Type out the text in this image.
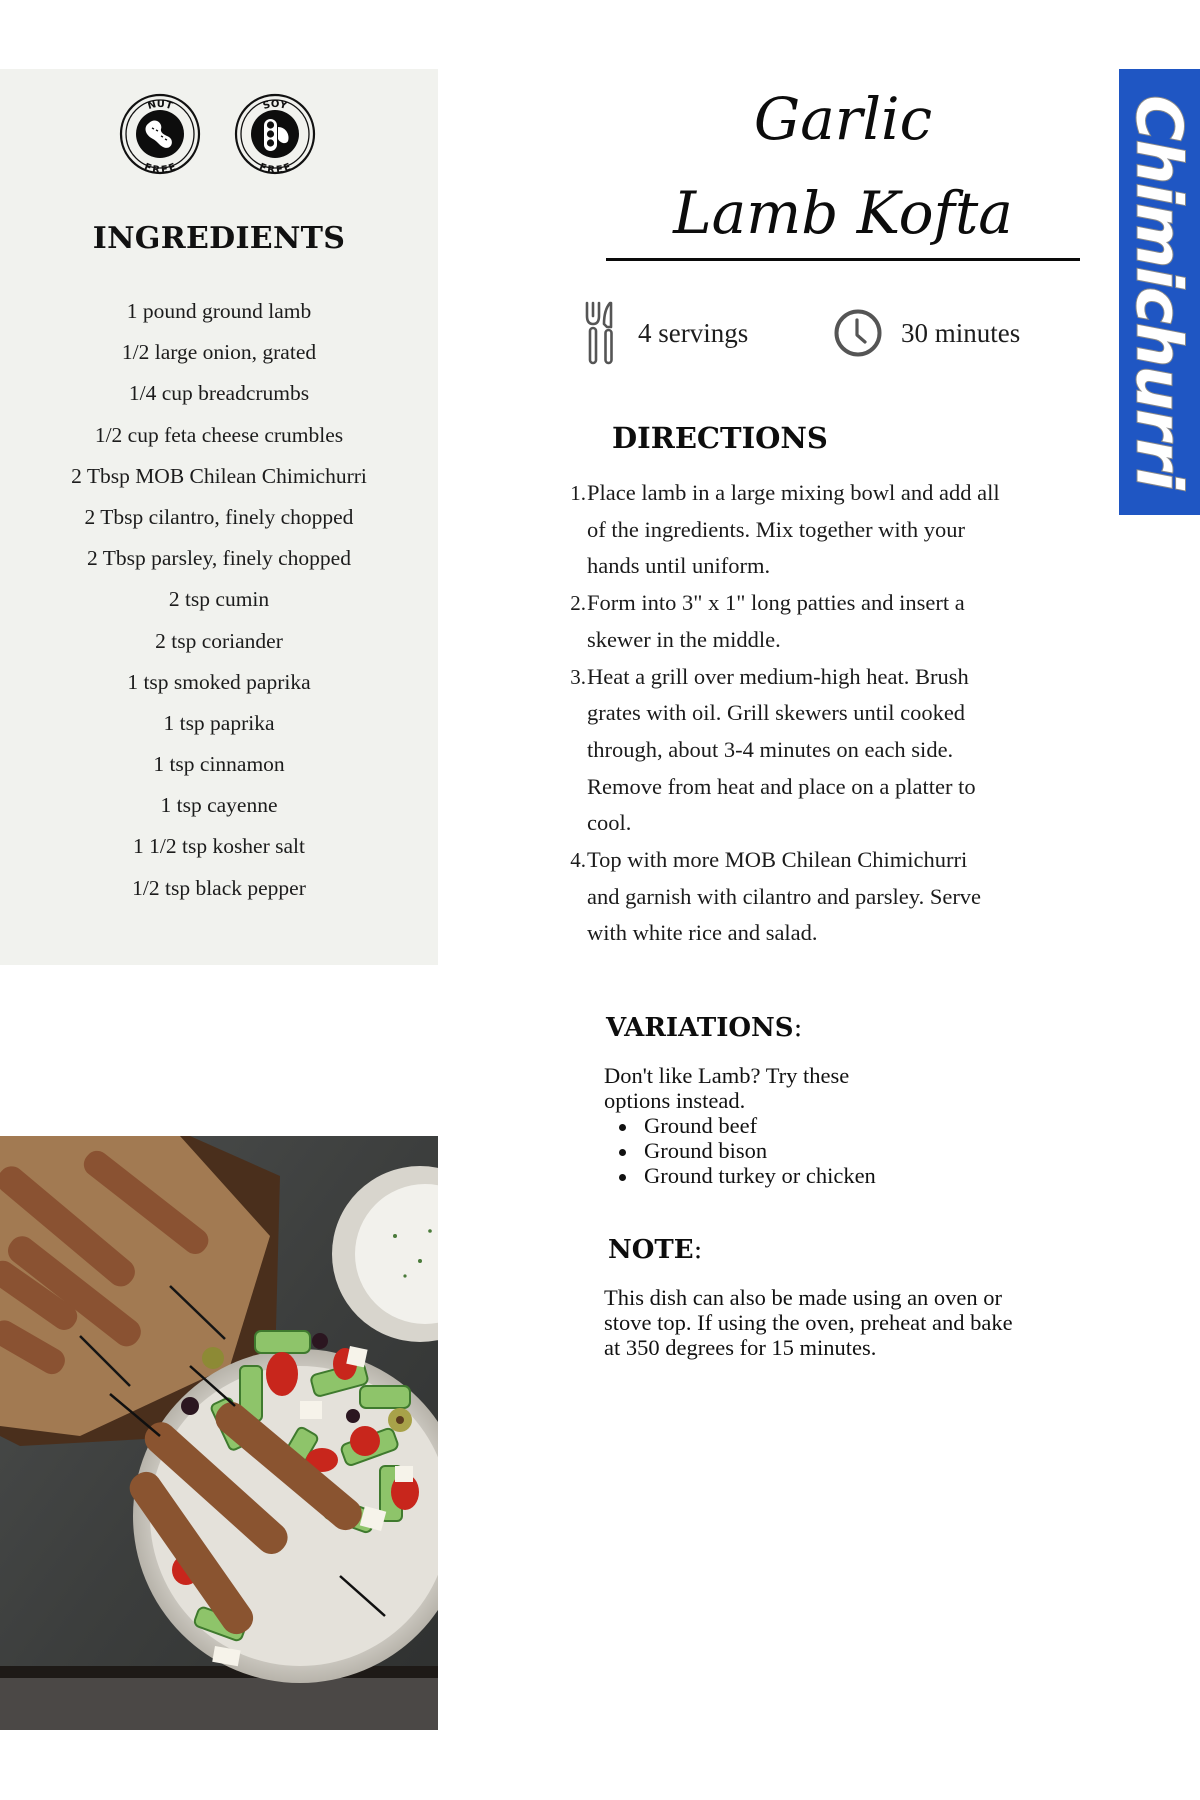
NUT
FREE
SOY
FREE
INGREDIENTS
1 pound ground lamb
1/2 large onion, grated
1/4 cup breadcrumbs
1/2 cup feta cheese crumbles
2 Tbsp MOB Chilean Chimichurri
2 Tbsp cilantro, finely chopped
2 Tbsp parsley, finely chopped
2 tsp cumin
2 tsp coriander
1 tsp smoked paprika
1 tsp paprika
1 tsp cinnamon
1 tsp cayenne
1 1/2 tsp kosher salt
1/2 tsp black pepper
Garlic
Lamb Kofta
4 servings	30 minutes
DIRECTIONS
1. Place lamb in a large mixing bowl and add all
of the ingredients. Mix together with your
hands until uniform.
2. Form into 3" x 1" long patties and insert a
skewer in the middle.
3. Heat a grill over medium-high heat. Brush
grates with oil. Grill skewers until cooked
through, about 3-4 minutes on each side.
Remove from heat and place on a platter to
cool.
4. Top with more MOB Chilean Chimichurri
and garnish with cilantro and parsley. Serve
with white rice and salad.
VARIATIONS:
Don't like Lamb? Try these
options instead.
Ground beef
Ground bison
Ground turkey or chicken
NOTE:
This dish can also be made using an oven or
stove top. If using the oven, preheat and bake
at 350 degrees for 15 minutes.
Chimichurri
